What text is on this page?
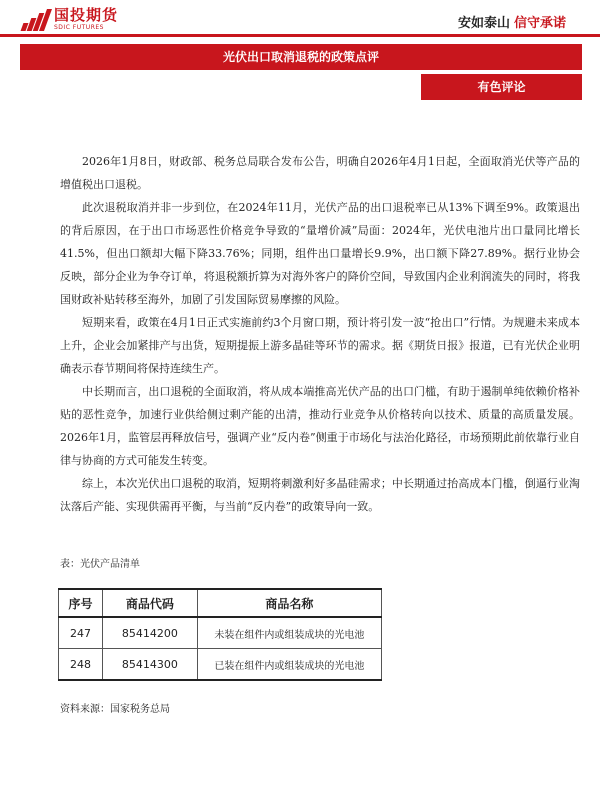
国投期货
SDIC FUTURES	安如泰山 信守承诺
光伏出口取消退税的政策点评
有色评论

2026年1月8日，财政部、税务总局联合发布公告，明确自2026年4月1日起，全面取消光伏等产品的增值税出口退税。

此次退税取消并非一步到位，在2024年11月，光伏产品的出口退税率已从13%下调至9%。政策退出的背后原因，在于出口市场恶性价格竞争导致的“量增价减”局面：2024年，光伏电池片出口量同比增长41.5%，但出口额却大幅下降33.76%；同期，组件出口量增长9.9%，出口额下降27.89%。据行业协会反映，部分企业为争夺订单，将退税额折算为对海外客户的降价空间，导致国内企业利润流失的同时，将我国财政补贴转移至海外，加剧了引发国际贸易摩擦的风险。

短期来看，政策在4月1日正式实施前约3个月窗口期，预计将引发一波“抢出口”行情。为规避未来成本上升，企业会加紧排产与出货，短期提振上游多晶硅等环节的需求。据《期货日报》报道，已有光伏企业明确表示春节期间将保持连续生产。

中长期而言，出口退税的全面取消，将从成本端推高光伏产品的出口门槛，有助于遏制单纯依赖价格补贴的恶性竞争，加速行业供给侧过剩产能的出清，推动行业竞争从价格转向以技术、质量的高质量发展。2026年1月，监管层再释放信号，强调产业“反内卷”侧重于市场化与法治化路径，市场预期此前依靠行业自律与协商的方式可能发生转变。

综上，本次光伏出口退税的取消，短期将刺激利好多晶硅需求；中长期通过抬高成本门槛，倒逼行业淘汰落后产能、实现供需再平衡，与当前“反内卷”的政策导向一致。

表：光伏产品清单
序号	商品代码	商品名称
247	85414200	未装在组件内或组装成块的光电池
248	85414300	已装在组件内或组装成块的光电池
资料来源：国家税务总局
